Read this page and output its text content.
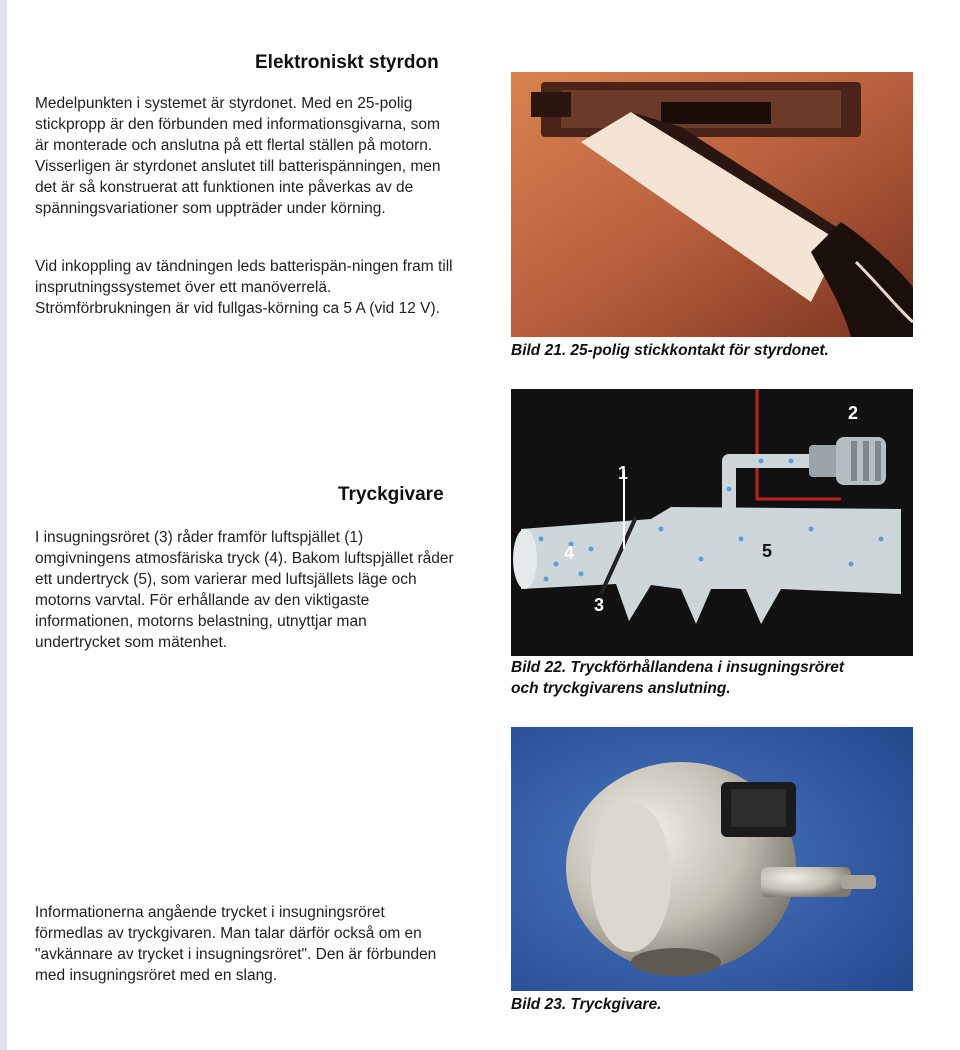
Elektroniskt styrdon

Medelpunkten i systemet är styrdonet. Med en 25-polig stickpropp är den förbunden med informationsgivarna, som är monterade och anslutna på ett flertal ställen på motorn. Visserligen är styrdonet anslutet till batterispänningen, men det är så konstruerat att funktionen inte påverkas av de spänningsvariationer som uppträder under körning.

Vid inkoppling av tändningen leds batterispän-ningen fram till insprutningssystemet över ett manöverrelä. Strömförbrukningen är vid fullgas-körning ca 5 A (vid 12 V).

Bild 21. 25-polig stickkontakt för styrdonet.

Tryckgivare

I insugningsröret (3) råder framför luftspjället (1) omgivningens atmosfäriska tryck (4). Bakom luftspjället råder ett undertryck (5), som varierar med luftsjällets läge och motorns varvtal. För erhållande av den viktigaste informationen, motorns belastning, utnyttjar man undertrycket som mätenhet.

1
2
3
4	5

Bild 22. Tryckförhållandena i insugningsröret

och tryckgivarens anslutning.

Informationerna angående trycket i insugningsröret förmedlas av tryckgivaren. Man talar därför också om en "avkännare av trycket i insugningsröret". Den är förbunden med insugningsröret med en slang.

Bild 23. Tryckgivare.
